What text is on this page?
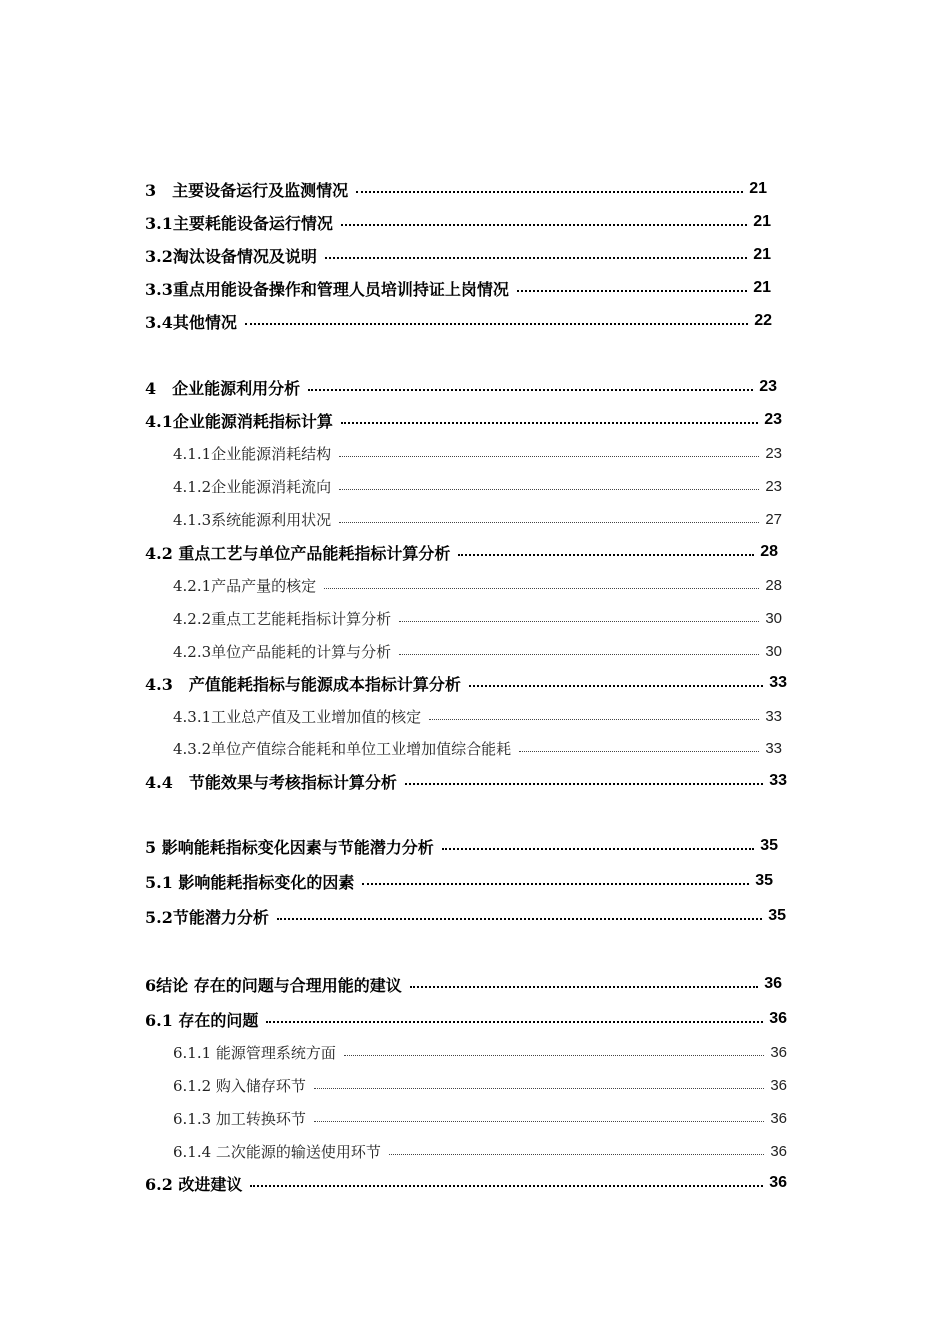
3　主要设备运行及监测情况	21
3.1主要耗能设备运行情况	21
3.2淘汰设备情况及说明	21
3.3重点用能设备操作和管理人员培训持证上岗情况	21
3.4其他情况	22
4　企业能源利用分析	23
4.1企业能源消耗指标计算	23
4.1.1企业能源消耗结构	23
4.1.2企业能源消耗流向	23
4.1.3系统能源利用状况	27
4.2 重点工艺与单位产品能耗指标计算分析	28
4.2.1产品产量的核定	28
4.2.2重点工艺能耗指标计算分析	30
4.2.3单位产品能耗的计算与分析	30
4.3　产值能耗指标与能源成本指标计算分析	33
4.3.1工业总产值及工业增加值的核定	33
4.3.2单位产值综合能耗和单位工业增加值综合能耗	33
4.4　节能效果与考核指标计算分析	33
5 影响能耗指标变化因素与节能潜力分析	35
5.1 影响能耗指标变化的因素	35
5.2节能潜力分析	35
6结论 存在的问题与合理用能的建议	36
6.1 存在的问题	36
6.1.1 能源管理系统方面	36
6.1.2 购入储存环节	36
6.1.3 加工转换环节	36
6.1.4 二次能源的输送使用环节	36
6.2 改进建议	36
